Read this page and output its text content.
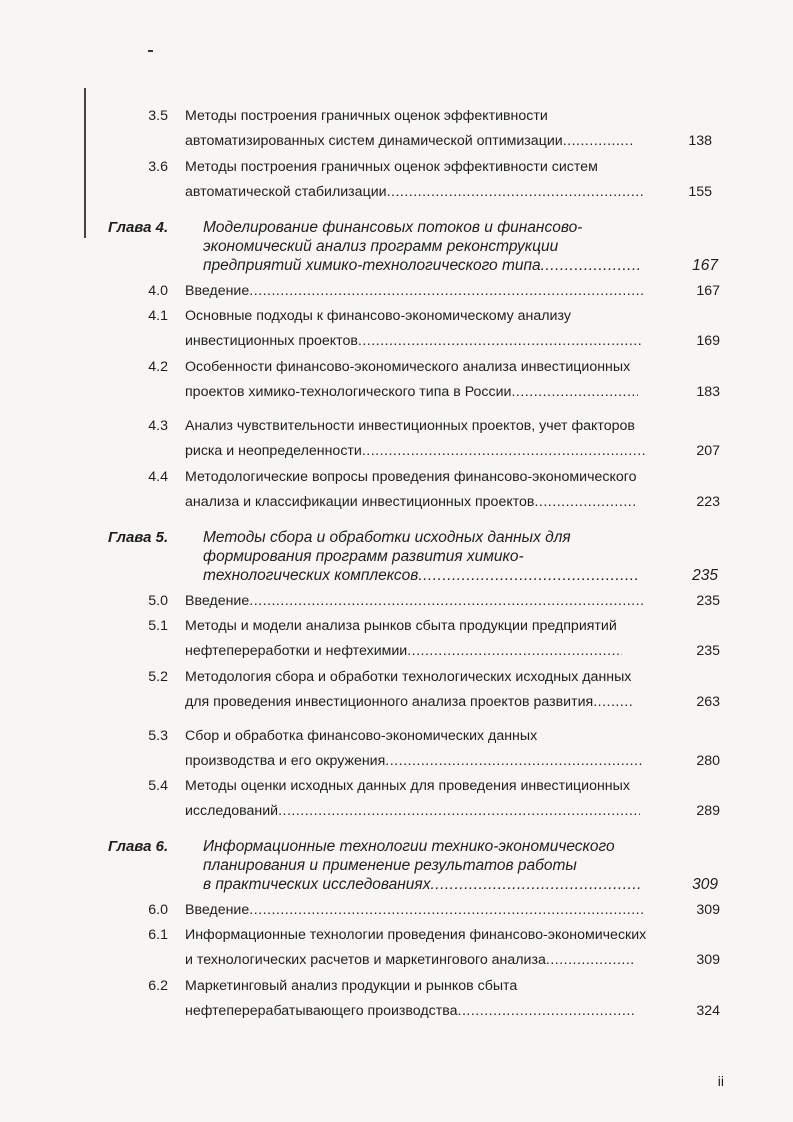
3.5 Методы построения граничных оценок эффективности
автоматизированных систем динамической оптимизации .....	138
3.6 Методы построения граничных оценок эффективности систем
автоматической стабилизации .....	155
Глава 4. Моделирование финансовых потоков и финансово-
экономический анализ программ реконструкции
предприятий химико-технологического типа .....	167
4.0 Введение .....	167
4.1 Основные подходы к финансово-экономическому анализу
инвестиционных проектов .....	169
4.2 Особенности финансово-экономического анализа инвестиционных
проектов химико-технологического типа в России .....	183
4.3 Анализ чувствительности инвестиционных проектов, учет факторов
риска и неопределенности .....	207
4.4 Методологические вопросы проведения финансово-экономического
анализа и классификации инвестиционных проектов .....	223
Глава 5. Методы сбора и обработки исходных данных для
формирования программ развития химико-
технологических комплексов .....	235
5.0 Введение .....	235
5.1 Методы и модели анализа рынков сбыта продукции предприятий
нефтепереработки и нефтехимии .....	235
5.2 Методология сбора и обработки технологических исходных данных
для проведения инвестиционного анализа проектов развития .....	263
5.3 Сбор и обработка финансово-экономических данных
производства и его окружения .....	280
5.4 Методы оценки исходных данных для проведения инвестиционных
исследований .....	289
Глава 6. Информационные технологии технико-экономического
планирования и применение результатов работы
в практических исследованиях .....	309
6.0 Введение .....	309
6.1 Информационные технологии проведения финансово-экономических
и технологических расчетов и маркетингового анализа .....	309
6.2 Маркетинговый анализ продукции и рынков сбыта
нефтеперерабатывающего производства .....	324
ii
